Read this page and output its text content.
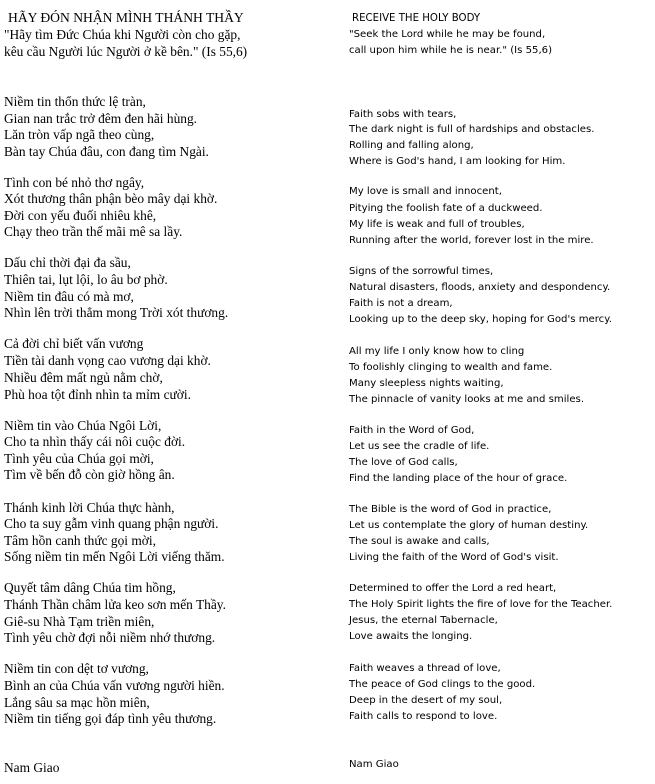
HÃY ĐÓN NHẬN MÌNH THÁNH THẦY
"Hãy tìm Đức Chúa khi Người còn cho gặp,
kêu cầu Người lúc Người ở kề bên." (Is 55,6)
Niềm tin thổn thức lệ tràn,
Gian nan trắc trở đêm đen hãi hùng.
Lăn tròn vấp ngã theo cùng,
Bàn tay Chúa đâu, con đang tìm Ngài.
Tình con bé nhỏ thơ ngây,
Xót thương thân phận bèo mây dại khờ.
Đời con yếu đuối nhiêu khê,
Chạy theo trần thế mãi mê sa lầy.
Dấu chỉ thời đại đa sầu,
Thiên tai, lụt lội, lo âu bơ phờ.
Niềm tin đâu có mà mơ,
Nhìn lên trời thẳm mong Trời xót thương.
Cả đời chỉ biết vấn vương
Tiền tài danh vọng cao vương dại khờ.
Nhiều đêm mất ngủ nằm chờ,
Phù hoa tột đỉnh nhìn ta mỉm cười.
Niềm tin vào Chúa Ngôi Lời,
Cho ta nhìn thấy cái nôi cuộc đời.
Tình yêu của Chúa gọi mời,
Tìm về bến đỗ còn giờ hồng ân.
Thánh kinh lời Chúa thực hành,
Cho ta suy gẫm vinh quang phận người.
Tâm hồn canh thức gọi mời,
Sống niềm tin mến Ngôi Lời viếng thăm.
Quyết tâm dâng Chúa tim hồng,
Thánh Thần châm lửa keo sơn mến Thầy.
Giê-su Nhà Tạm triền miên,
Tình yêu chờ đợi nỗi niềm nhớ thương.
Niềm tin con dệt tơ vương,
Bình an của Chúa vấn vương người hiền.
Lắng sâu sa mạc hồn miên,
Niềm tin tiếng gọi đáp tình yêu thương.
Nam Giao
RECEIVE THE HOLY BODY
"Seek the Lord while he may be found,
call upon him while he is near." (Is 55,6)
Faith sobs with tears,
The dark night is full of hardships and obstacles.
Rolling and falling along,
Where is God's hand, I am looking for Him.
My love is small and innocent,
Pitying the foolish fate of a duckweed.
My life is weak and full of troubles,
Running after the world, forever lost in the mire.
Signs of the sorrowful times,
Natural disasters, floods, anxiety and despondency.
Faith is not a dream,
Looking up to the deep sky, hoping for God's mercy.
All my life I only know how to cling
To foolishly clinging to wealth and fame.
Many sleepless nights waiting,
The pinnacle of vanity looks at me and smiles.
Faith in the Word of God,
Let us see the cradle of life.
The love of God calls,
Find the landing place of the hour of grace.
The Bible is the word of God in practice,
Let us contemplate the glory of human destiny.
The soul is awake and calls,
Living the faith of the Word of God's visit.
Determined to offer the Lord a red heart,
The Holy Spirit lights the fire of love for the Teacher.
Jesus, the eternal Tabernacle,
Love awaits the longing.
Faith weaves a thread of love,
The peace of God clings to the good.
Deep in the desert of my soul,
Faith calls to respond to love.
Nam Giao
